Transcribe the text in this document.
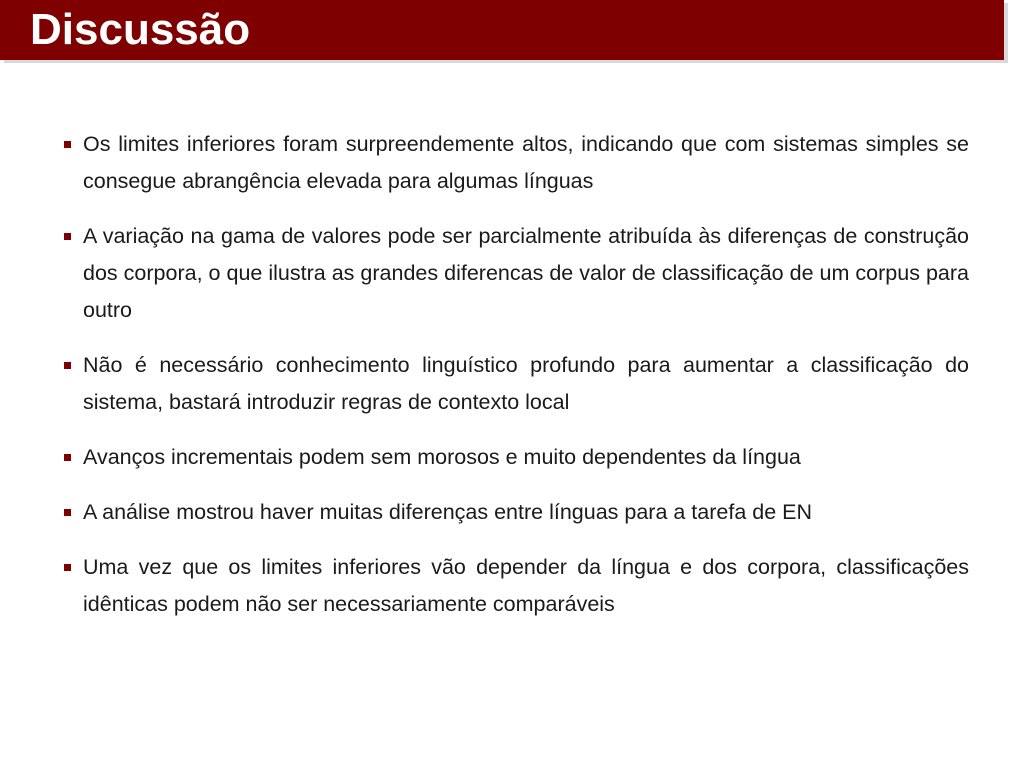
Discussão
Os limites inferiores foram surpreendemente altos, indicando que com sistemas simples se consegue abrangência elevada para algumas línguas
A variação na gama de valores pode ser parcialmente atribuída às diferenças de construção dos corpora, o que ilustra as grandes diferencas de valor de classificação de um corpus para outro
Não é necessário conhecimento linguístico profundo para aumentar a classificação do sistema, bastará introduzir regras de contexto local
Avanços incrementais podem sem morosos e muito dependentes da língua
A análise mostrou haver muitas diferenças entre línguas para a tarefa de EN
Uma vez que os limites inferiores vão depender da língua e dos corpora, classificações idênticas podem não ser necessariamente comparáveis
